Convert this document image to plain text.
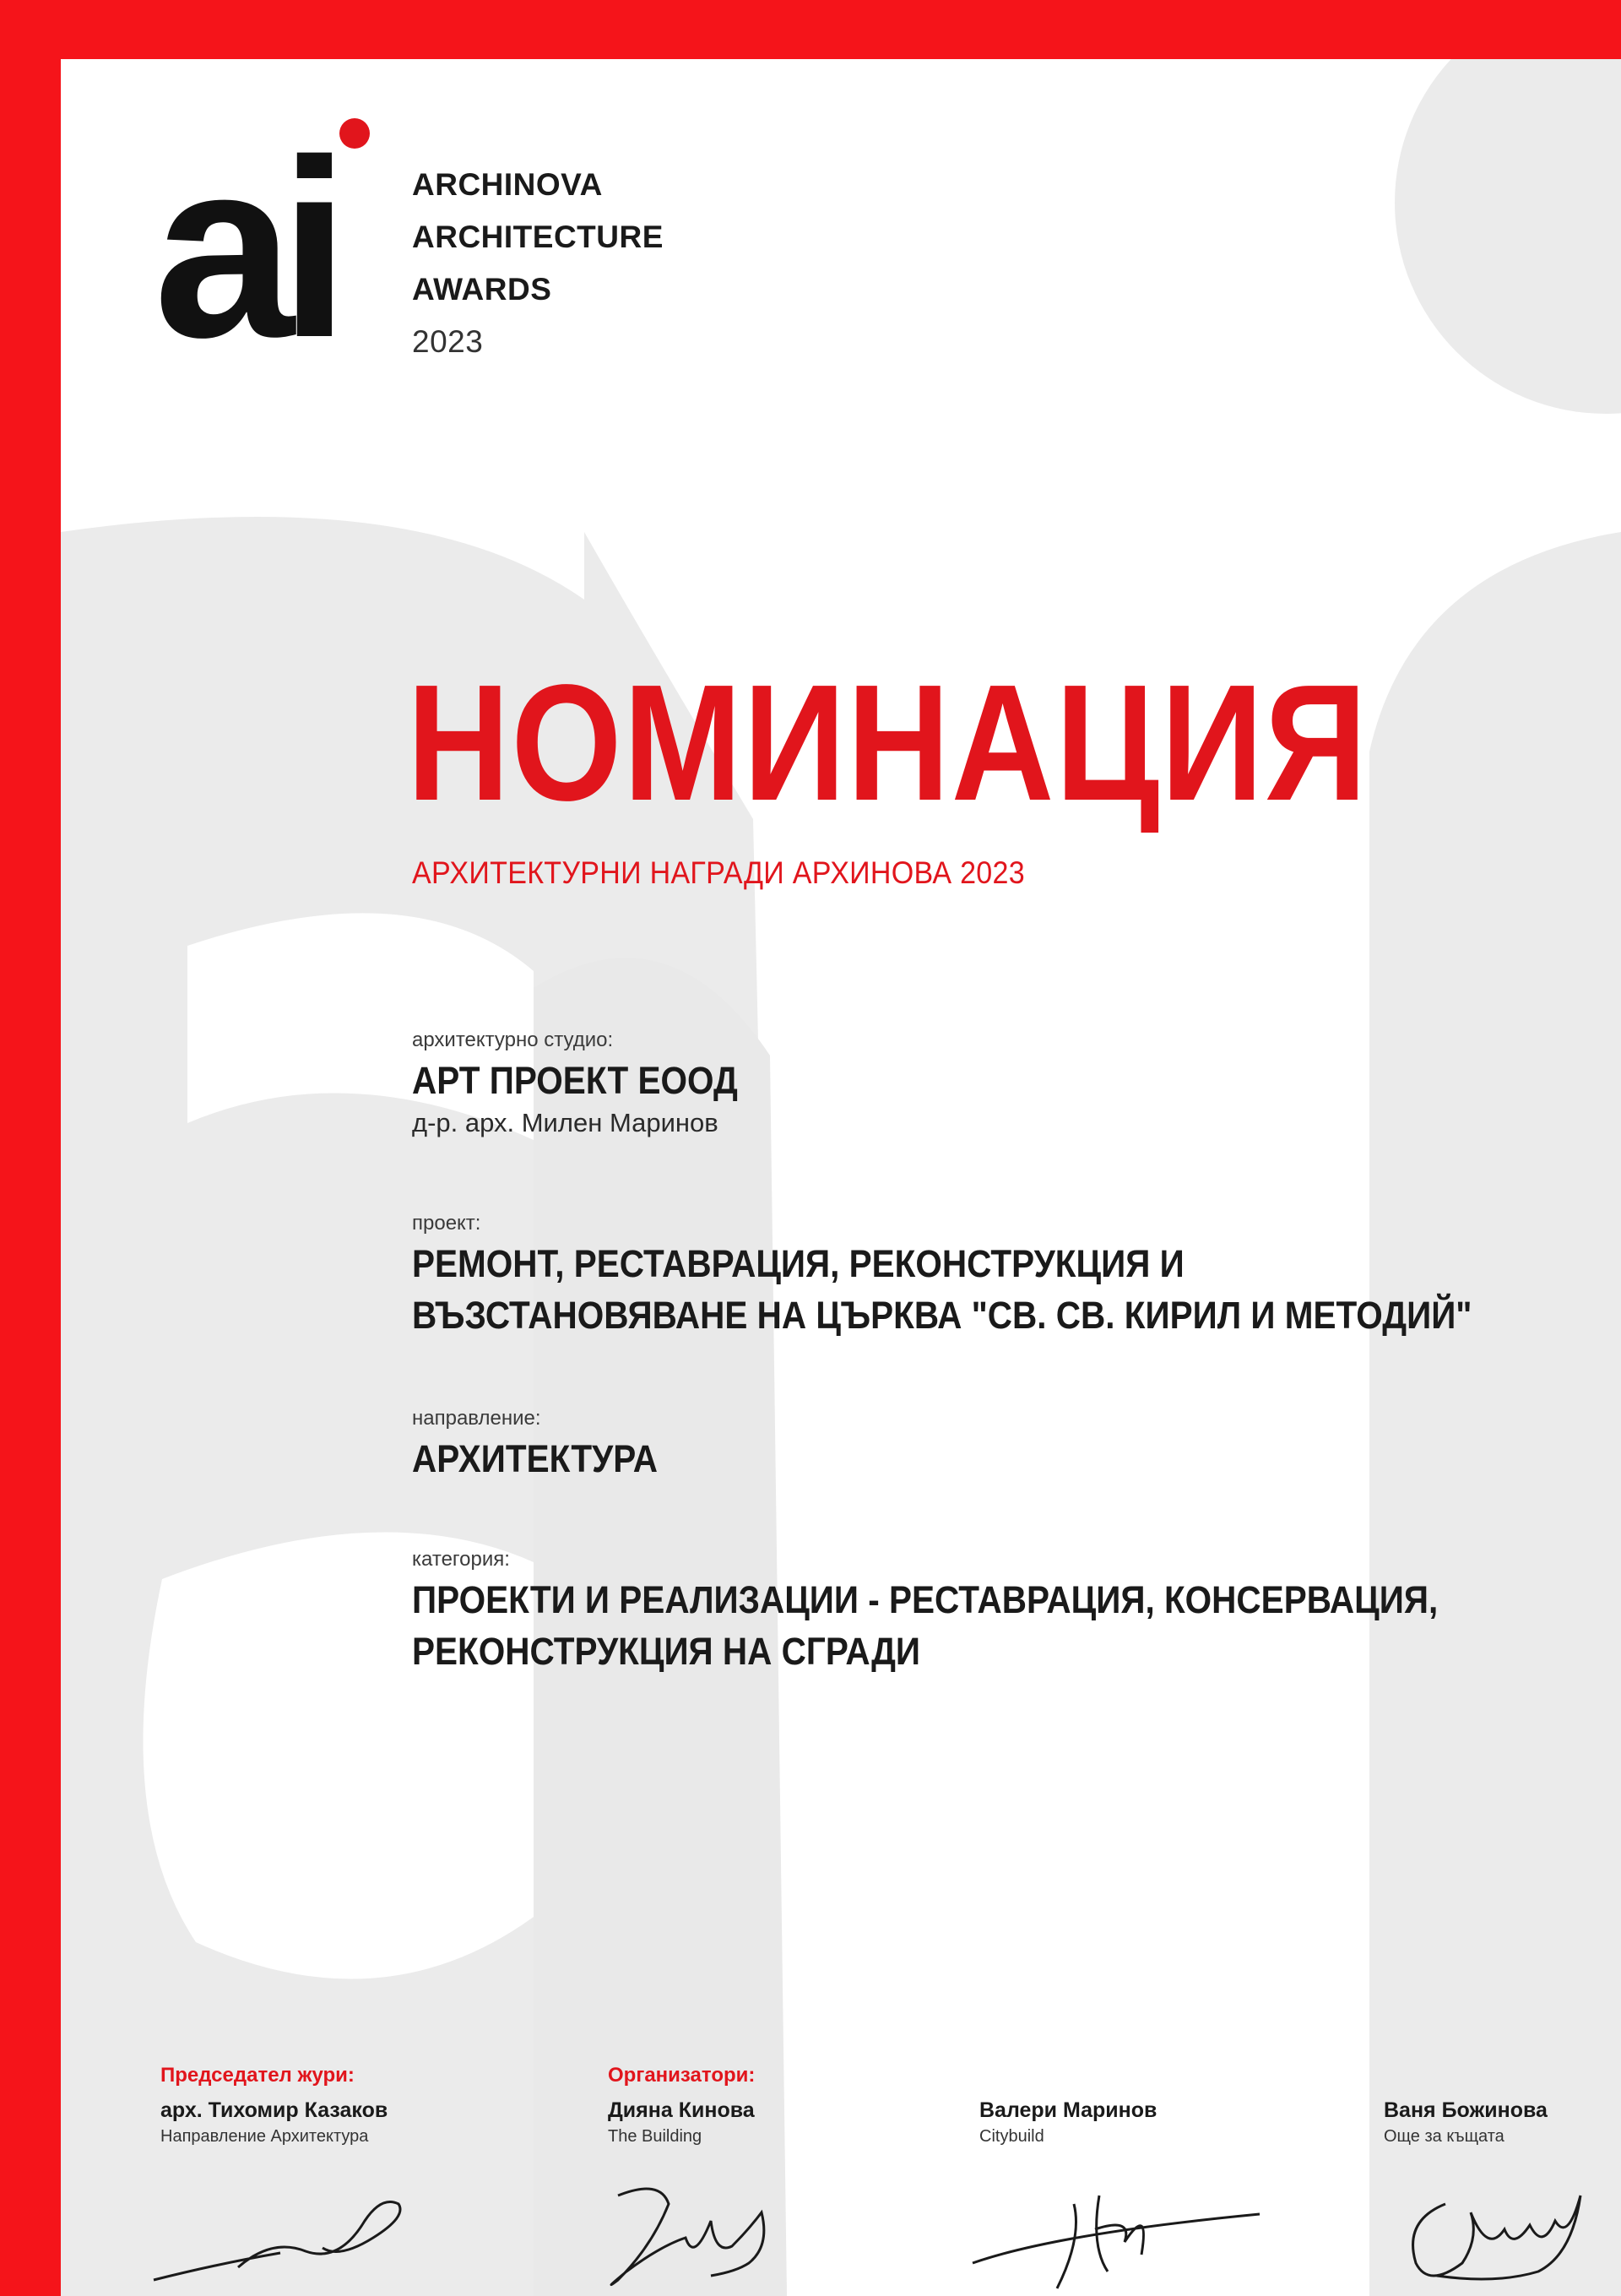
ai ARCHINOVA
ARCHITECTURE
AWARDS
2023
НОМИНАЦИЯ
АРХИТЕКТУРНИ НАГРАДИ АРХИНОВА 2023
архитектурно студио:
АРТ ПРОЕКТ ЕООД
д-р. арх. Милен Маринов
проект:
РЕМОНТ, РЕСТАВРАЦИЯ, РЕКОНСТРУКЦИЯ И
ВЪЗСТАНОВЯВАНЕ НА ЦЪРКВА "СВ. СВ. КИРИЛ И МЕТОДИЙ"
направление:
АРХИТЕКТУРА
категория:
ПРОЕКТИ И РЕАЛИЗАЦИИ - РЕСТАВРАЦИЯ, КОНСЕРВАЦИЯ,
РЕКОНСТРУКЦИЯ НА СГРАДИ
Председател жури:
арх. Тихомир Казаков
Направление Архитектура
Организатори:
Дияна Кинова
The Building
Валери Маринов
Citybuild
Ваня Божинова
Още за къщата
